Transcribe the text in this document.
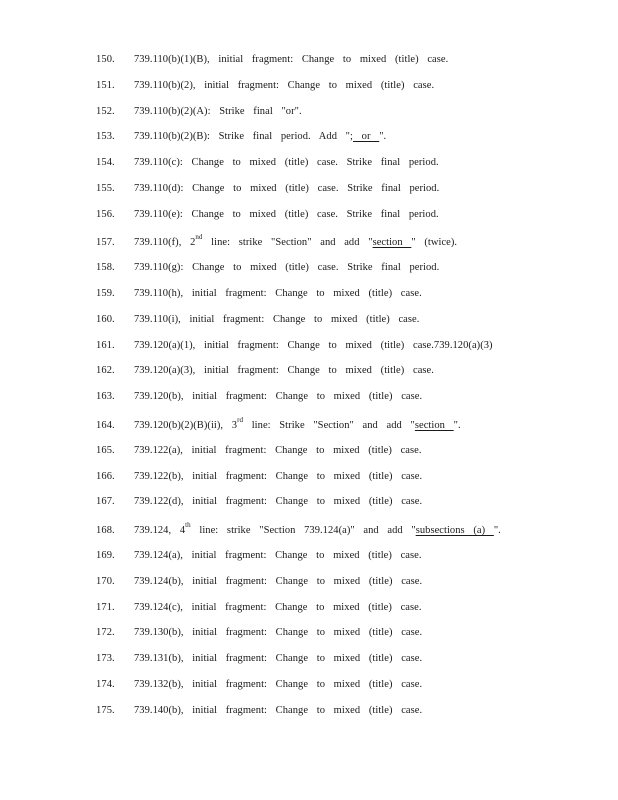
150. 739.110(b)(1)(B), initial fragment: Change to mixed (title) case.
151. 739.110(b)(2), initial fragment: Change to mixed (title) case.
152. 739.110(b)(2)(A): Strike final "or".
153. 739.110(b)(2)(B): Strike final period. Add "; or ".
154. 739.110(c): Change to mixed (title) case. Strike final period.
155. 739.110(d): Change to mixed (title) case. Strike final period.
156. 739.110(e): Change to mixed (title) case. Strike final period.
157. 739.110(f), 2nd line: strike "Section" and add "section " (twice).
158. 739.110(g): Change to mixed (title) case. Strike final period.
159. 739.110(h), initial fragment: Change to mixed (title) case.
160. 739.110(i), initial fragment: Change to mixed (title) case.
161. 739.120(a)(1), initial fragment: Change to mixed (title) case.739.120(a)(3)
162. 739.120(a)(3), initial fragment: Change to mixed (title) case.
163. 739.120(b), initial fragment: Change to mixed (title) case.
164. 739.120(b)(2)(B)(ii), 3rd line: Strike "Section" and add "section ".
165. 739.122(a), initial fragment: Change to mixed (title) case.
166. 739.122(b), initial fragment: Change to mixed (title) case.
167. 739.122(d), initial fragment: Change to mixed (title) case.
168. 739.124, 4th line: strike "Section 739.124(a)" and add "subsections (a) ".
169. 739.124(a), initial fragment: Change to mixed (title) case.
170. 739.124(b), initial fragment: Change to mixed (title) case.
171. 739.124(c), initial fragment: Change to mixed (title) case.
172. 739.130(b), initial fragment: Change to mixed (title) case.
173. 739.131(b), initial fragment: Change to mixed (title) case.
174. 739.132(b), initial fragment: Change to mixed (title) case.
175. 739.140(b), initial fragment: Change to mixed (title) case.
